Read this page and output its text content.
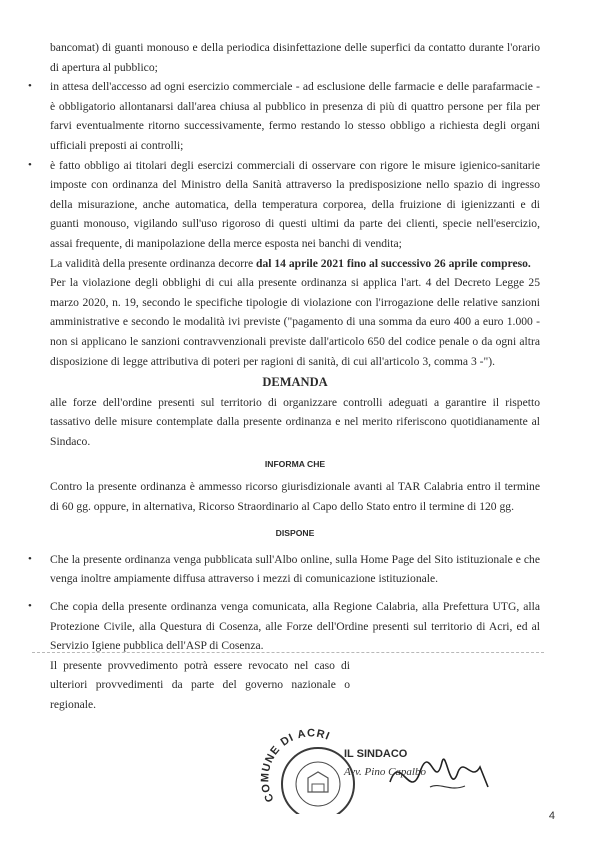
bancomat) di guanti monouso e della periodica disinfettazione delle superfici da contatto durante l'orario di apertura al pubblico;

• in attesa dell'accesso ad ogni esercizio commerciale - ad esclusione delle farmacie e delle parafarmacie - è obbligatorio allontanarsi dall'area chiusa al pubblico in presenza di più di quattro persone per fila per farvi eventualmente ritorno successivamente, fermo restando lo stesso obbligo a richiesta degli organi ufficiali preposti ai controlli;

• è fatto obbligo ai titolari degli esercizi commerciali di osservare con rigore le misure igienico-sanitarie imposte con ordinanza del Ministro della Sanità attraverso la predisposizione nello spazio di ingresso della misurazione, anche automatica, della temperatura corporea, della fruizione di igienizzanti e di guanti monouso, vigilando sull'uso rigoroso di questi ultimi da parte dei clienti, specie nell'esercizio, assai frequente, di manipolazione della merce esposta nei banchi di vendita;

La validità della presente ordinanza decorre dal 14 aprile 2021 fino al successivo 26 aprile compreso.

Per la violazione degli obblighi di cui alla presente ordinanza si applica l'art. 4 del Decreto Legge 25 marzo 2020, n. 19, secondo le specifiche tipologie di violazione con l'irrogazione delle relative sanzioni amministrative e secondo le modalità ivi previste ("pagamento di una somma da euro 400 a euro 1.000 - non si applicano le sanzioni contravvenzionali previste dall'articolo 650 del codice penale o da ogni altra disposizione di legge attributiva di poteri per ragioni di sanità, di cui all'articolo 3, comma 3 -").

DEMANDA

alle forze dell'ordine presenti sul territorio di organizzare controlli adeguati a garantire il rispetto tassativo delle misure contemplate dalla presente ordinanza e nel merito riferiscono quotidianamente al Sindaco.

INFORMA CHE

Contro la presente ordinanza è ammesso ricorso giurisdizionale avanti al TAR Calabria entro il termine di 60 gg. oppure, in alternativa, Ricorso Straordinario al Capo dello Stato entro il termine di 120 gg.

DISPONE
• Che la presente ordinanza venga pubblicata sull'Albo online, sulla Home Page del Sito istituzionale e che venga inoltre ampiamente diffusa attraverso i mezzi di comunicazione istituzionale.

• Che copia della presente ordinanza venga comunicata, alla Regione Calabria, alla Prefettura UTG, alla Protezione Civile, alla Questura di Cosenza, alle Forze dell'Ordine presenti sul territorio di Acri, ed al Servizio Igiene pubblica dell'ASP di Cosenza.

Il presente provvedimento potrà essere revocato nel caso di ulteriori provvedimenti da parte del governo nazionale o regionale.

COMUNE DI ACRI
IL SINDACO
Avv. Pino Capalbo
4
